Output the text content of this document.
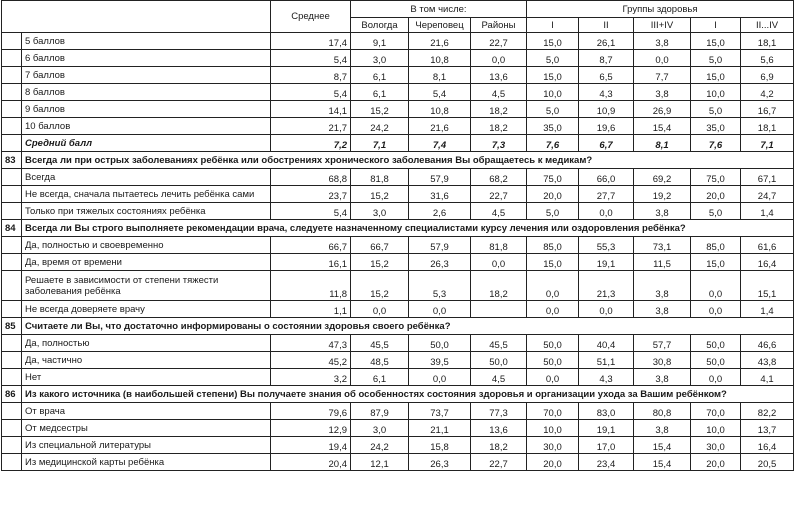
		Среднее	В том числе:			Группы здоровья				
			Вологда	Череповец	Районы	I	II	III+IV	I	II...IV
	5 баллов	17,4	9,1	21,6	22,7	15,0	26,1	3,8	15,0	18,1
	6 баллов	5,4	3,0	10,8	0,0	5,0	8,7	0,0	5,0	5,6
	7 баллов	8,7	6,1	8,1	13,6	15,0	6,5	7,7	15,0	6,9
	8 баллов	5,4	6,1	5,4	4,5	10,0	4,3	3,8	10,0	4,2
	9 баллов	14,1	15,2	10,8	18,2	5,0	10,9	26,9	5,0	16,7
	10 баллов	21,7	24,2	21,6	18,2	35,0	19,6	15,4	35,0	18,1
	Средний балл	7,2	7,1	7,4	7,3	7,6	6,7	8,1	7,6	7,1
83	Всегда ли при острых заболеваниях ребёнка или обострениях хронического заболевания Вы обращаетесь к медикам?									
	Всегда	68,8	81,8	57,9	68,2	75,0	66,0	69,2	75,0	67,1
	Не всегда, сначала пытаетесь лечить ребёнка сами	23,7	15,2	31,6	22,7	20,0	27,7	19,2	20,0	24,7
	Только при тяжелых состояниях ребёнка	5,4	3,0	2,6	4,5	5,0	0,0	3,8	5,0	1,4
84	Всегда ли Вы строго выполняете рекомендации врача, следуете назначенному специалистами курсу лечения или оздоровления ребёнка?									
	Да, полностью и своевременно	66,7	66,7	57,9	81,8	85,0	55,3	73,1	85,0	61,6
	Да, время от времени	16,1	15,2	26,3	0,0	15,0	19,1	11,5	15,0	16,4
	Решаете в зависимости от степени тяжести заболевания ребёнка	11,8	15,2	5,3	18,2	0,0	21,3	3,8	0,0	15,1
	Не всегда доверяете врачу	1,1	0,0	0,0		0,0	0,0	3,8	0,0	1,4
85	Считаете ли Вы, что достаточно информированы о состоянии здоровья своего ребёнка?									
	Да, полностью	47,3	45,5	50,0	45,5	50,0	40,4	57,7	50,0	46,6
	Да, частично	45,2	48,5	39,5	50,0	50,0	51,1	30,8	50,0	43,8
	Нет	3,2	6,1	0,0	4,5	0,0	4,3	3,8	0,0	4,1
86	Из какого источника (в наибольшей степени) Вы получаете знания об особенностях состояния здоровья и организации ухода за Вашим ребёнком?									
	От врача	79,6	87,9	73,7	77,3	70,0	83,0	80,8	70,0	82,2
	От медсестры	12,9	3,0	21,1	13,6	10,0	19,1	3,8	10,0	13,7
	Из специальной литературы	19,4	24,2	15,8	18,2	30,0	17,0	15,4	30,0	16,4
	Из медицинской карты ребёнка	20,4	12,1	26,3	22,7	20,0	23,4	15,4	20,0	20,5
